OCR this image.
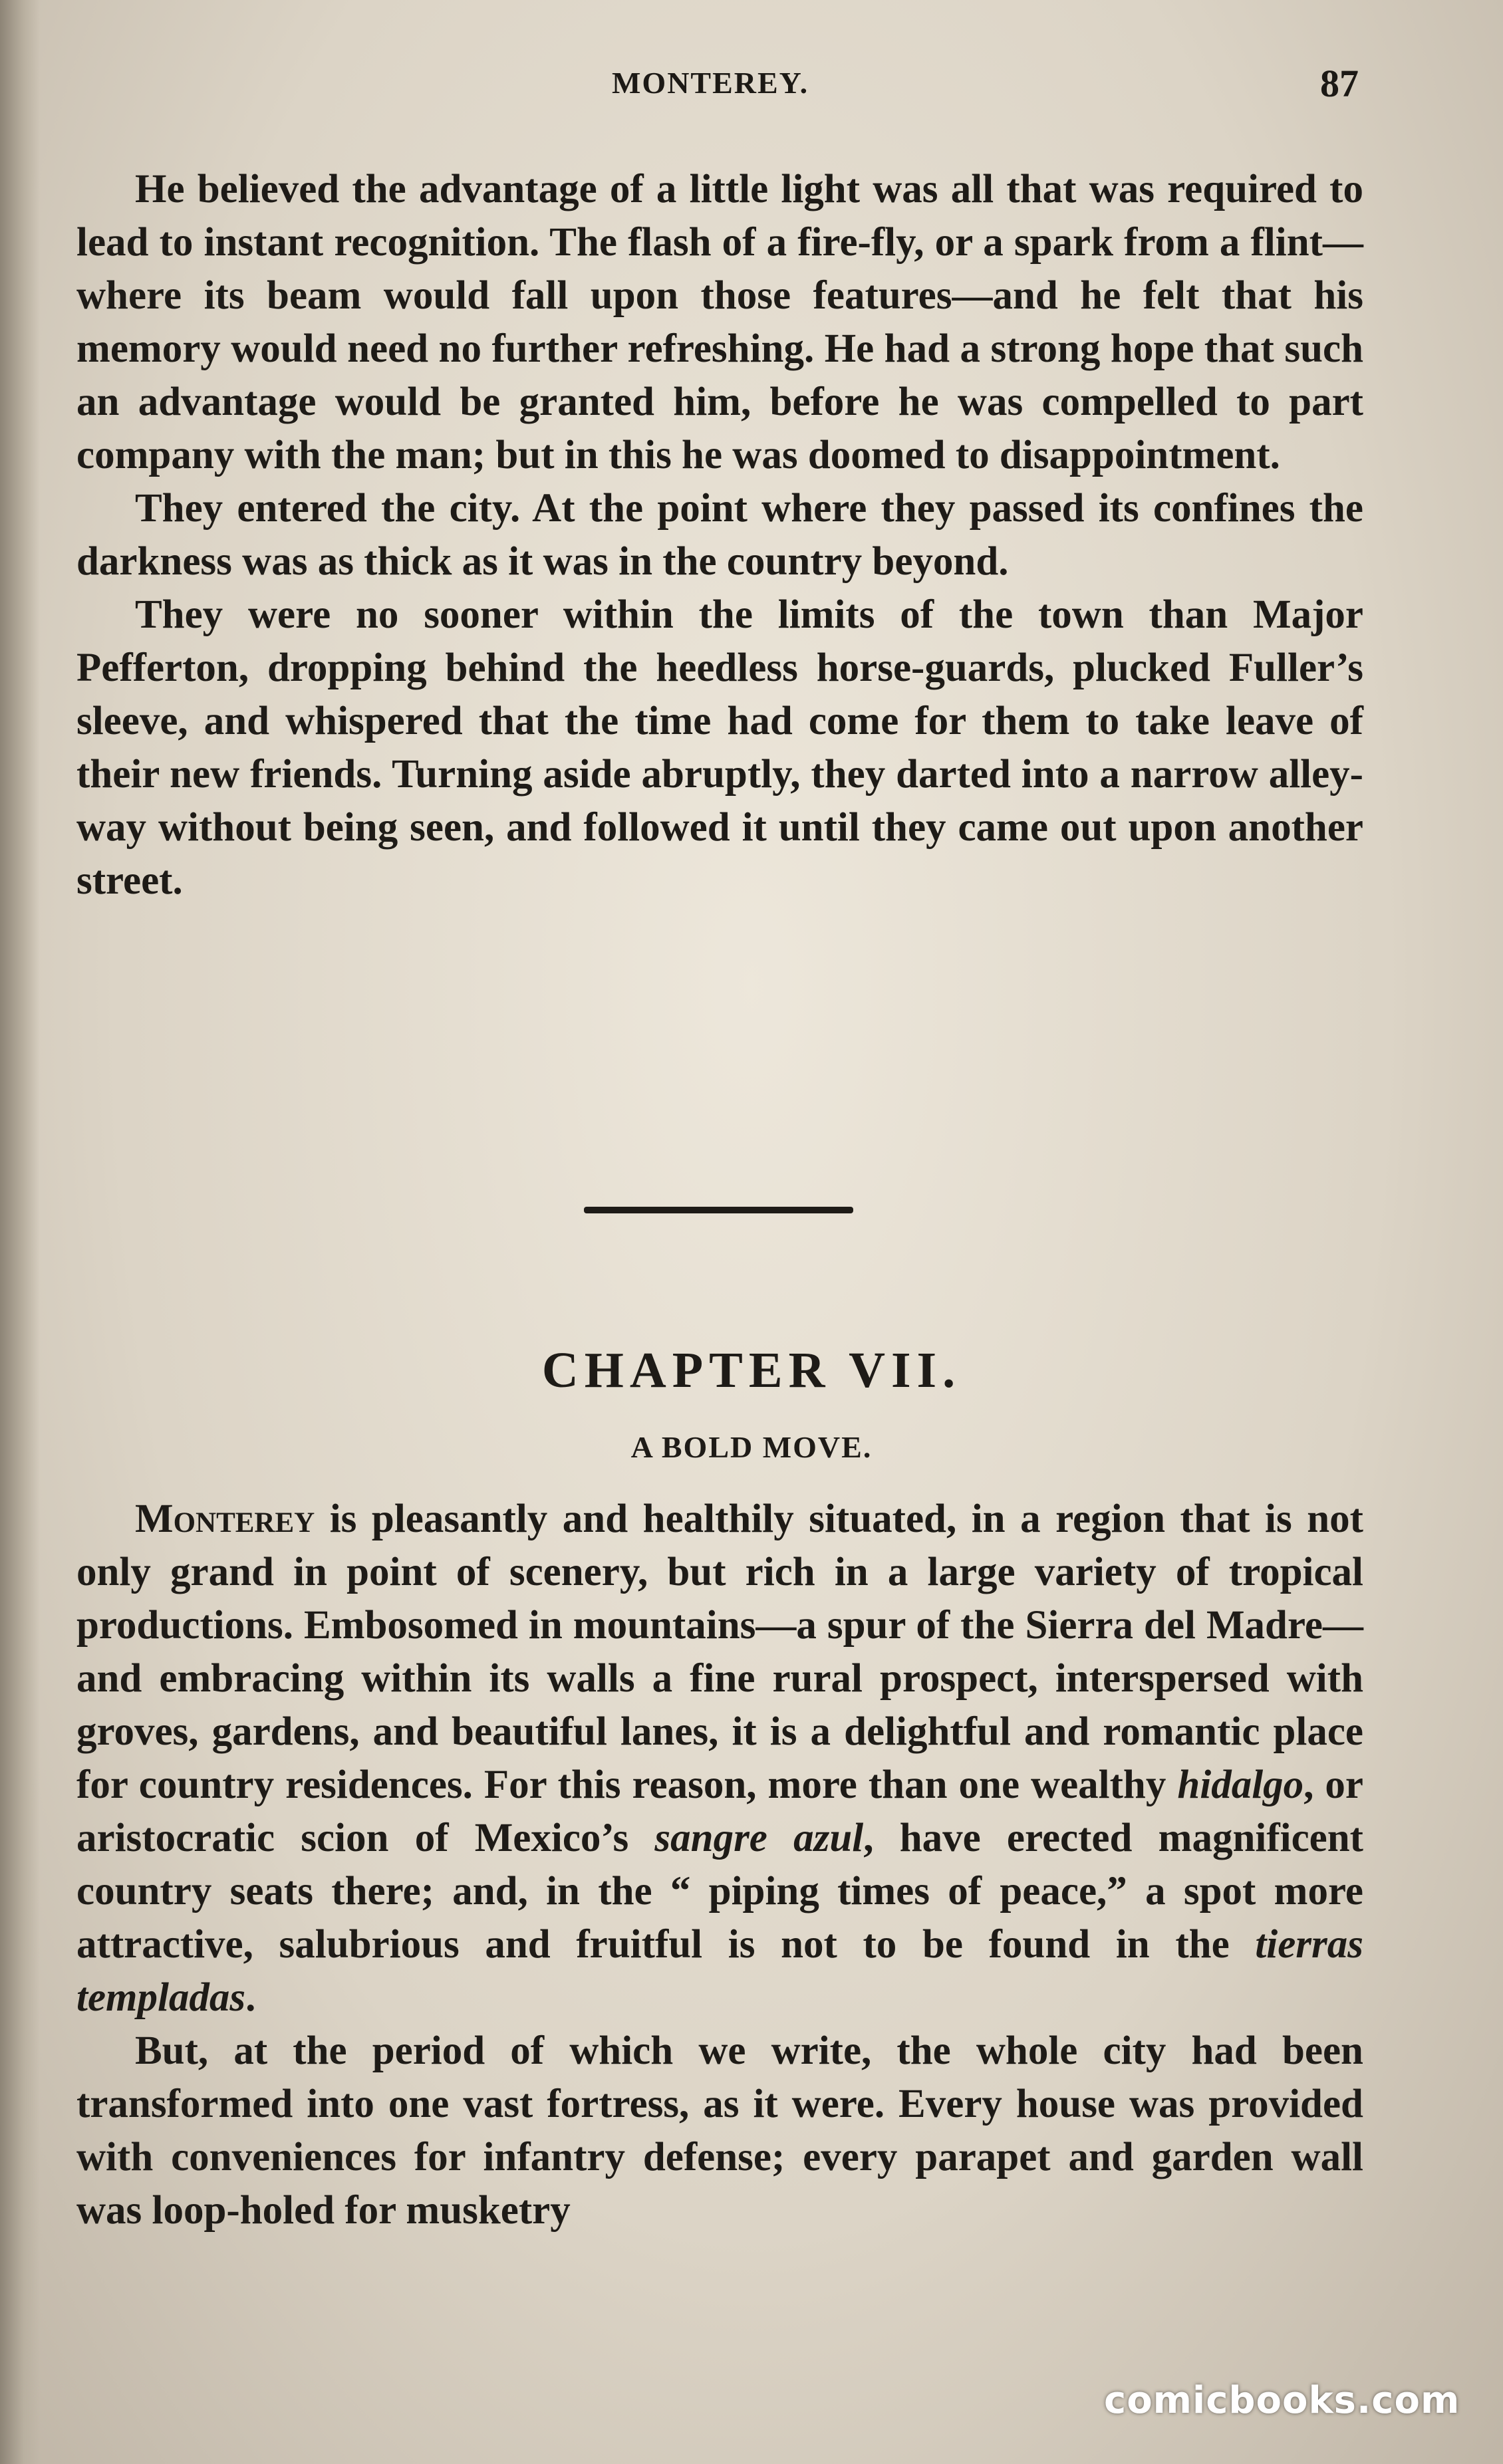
MONTEREY.	87

He believed the advantage of a little light was all that was required to lead to instant recognition. The flash of a fire-fly, or a spark from a flint—where its beam would fall upon those features—and he felt that his memory would need no further refreshing. He had a strong hope that such an advantage would be granted him, before he was compelled to part company with the man; but in this he was doomed to disappointment.

They entered the city. At the point where they passed its confines the darkness was as thick as it was in the country beyond.

They were no sooner within the limits of the town than Major Pefferton, dropping behind the heedless horse-guards, plucked Fuller’s sleeve, and whispered that the time had come for them to take leave of their new friends. Turning aside abruptly, they darted into a narrow alley-way without being seen, and followed it until they came out upon another street.

CHAPTER VII.
A BOLD MOVE.

Monterey is pleasantly and healthily situated, in a region that is not only grand in point of scenery, but rich in a large variety of tropical productions. Embosomed in mountains—a spur of the Sierra del Madre—and embracing within its walls a fine rural prospect, interspersed with groves, gardens, and beautiful lanes, it is a delightful and romantic place for country residences. For this reason, more than one wealthy hidalgo, or aristocratic scion of Mexico’s sangre azul, have erected magnificent country seats there; and, in the “ piping times of peace,” a spot more attractive, salubrious and fruitful is not to be found in the tierras templadas.

But, at the period of which we write, the whole city had been transformed into one vast fortress, as it were. Every house was provided with conveniences for infantry defense; every parapet and garden wall was loop-holed for musketry

comicbooks.com
